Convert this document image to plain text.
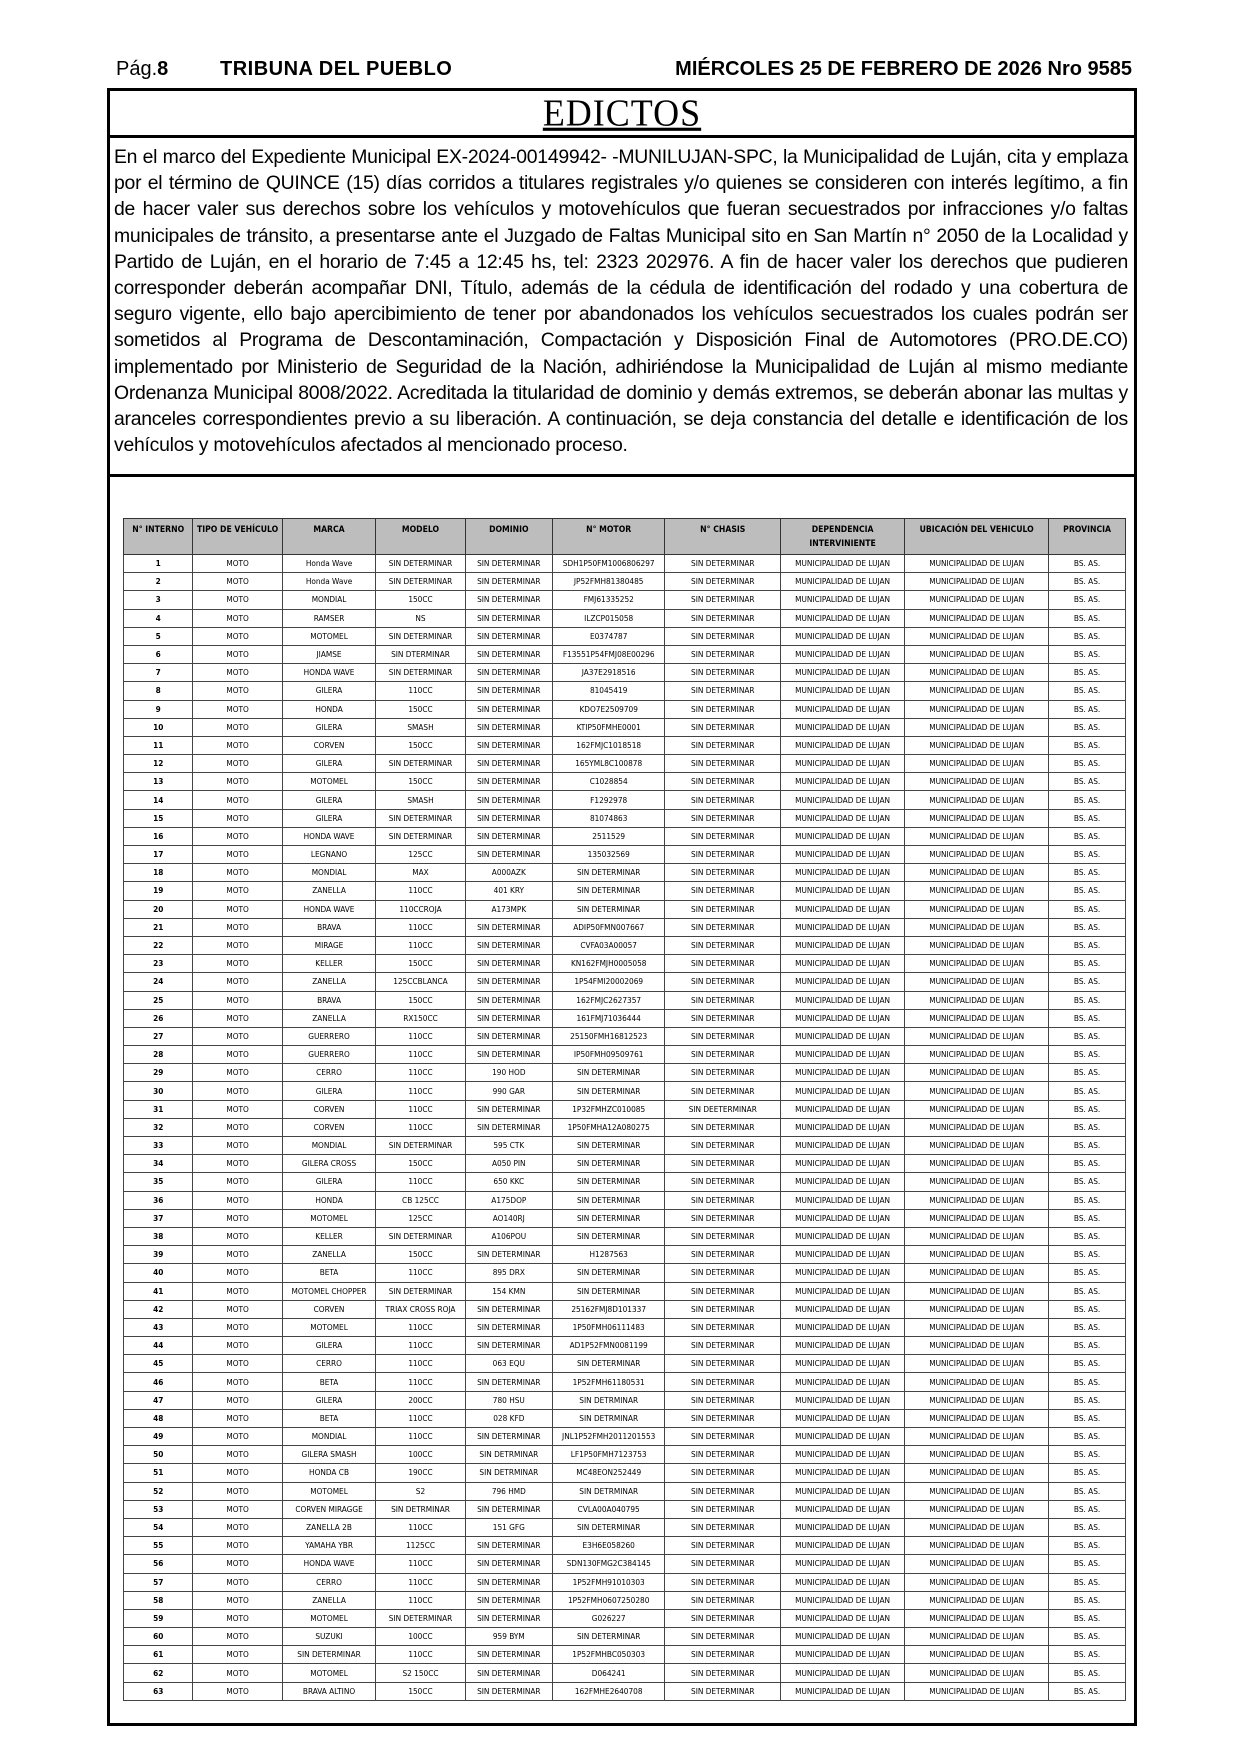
Pág.8	TRIBUNA DEL PUEBLO	MIÉRCOLES 25 DE FEBRERO DE 2026 Nro 9585
EDICTOS
En el marco del Expediente Municipal EX-2024-00149942- -MUNILUJAN-SPC, la Municipalidad de Luján, cita y emplaza por el término de QUINCE (15) días corridos a titulares registrales y/o quienes se consideren con interés legítimo, a fin de hacer valer sus derechos sobre los vehículos y motovehículos que fueran secuestrados por infracciones y/o faltas municipales de tránsito, a presentarse ante el Juzgado de Faltas Municipal sito en San Martín n° 2050 de la Localidad y Partido de Luján, en el horario de 7:45 a 12:45 hs, tel: 2323 202976. A fin de hacer valer los derechos que pudieren corresponder deberán acompañar DNI, Título, además de la cédula de identificación del rodado y una cobertura de seguro vigente, ello bajo apercibimiento de tener por abandonados los vehículos secuestrados los cuales podrán ser sometidos al Programa de Descontaminación, Compactación y Disposición Final de Automotores (PRO.DE.CO) implementado por Ministerio de Seguridad de la Nación, adhiriéndose la Municipalidad de Luján al mismo mediante Ordenanza Municipal 8008/2022. Acreditada la titularidad de dominio y demás extremos, se deberán abonar las multas y aranceles correspondientes previo a su liberación. A continuación, se deja constancia del detalle e identificación de los vehículos y motovehículos afectados al mencionado proceso.
N° INTERNO	TIPO DE VEHÍCULO	MARCA	MODELO	DOMINIO	N° MOTOR	N° CHASIS	DEPENDENCIA INTERVINIENTE	UBICACIÓN DEL VEHICULO	PROVINCIA
1	MOTO	Honda Wave	SIN DETERMINAR	SIN DETERMINAR	SDH1P50FM1006806297	SIN DETERMINAR	MUNICIPALIDAD DE LUJAN	MUNICIPALIDAD DE LUJAN	BS. AS.
2	MOTO	Honda Wave	SIN DETERMINAR	SIN DETERMINAR	JP52FMH81380485	SIN DETERMINAR	MUNICIPALIDAD DE LUJAN	MUNICIPALIDAD DE LUJAN	BS. AS.
3	MOTO	MONDIAL	150CC	SIN DETERMINAR	FMJ61335252	SIN DETERMINAR	MUNICIPALIDAD DE LUJAN	MUNICIPALIDAD DE LUJAN	BS. AS.
4	MOTO	RAMSER	NS	SIN DETERMINAR	ILZCP015058	SIN DETERMINAR	MUNICIPALIDAD DE LUJAN	MUNICIPALIDAD DE LUJAN	BS. AS.
5	MOTO	MOTOMEL	SIN DETERMINAR	SIN DETERMINAR	E0374787	SIN DETERMINAR	MUNICIPALIDAD DE LUJAN	MUNICIPALIDAD DE LUJAN	BS. AS.
6	MOTO	JIAMSE	SIN DTERMINAR	SIN DETERMINAR	F13551P54FMJ08E00296	SIN DETERMINAR	MUNICIPALIDAD DE LUJAN	MUNICIPALIDAD DE LUJAN	BS. AS.
7	MOTO	HONDA WAVE	SIN DETERMINAR	SIN DETERMINAR	JA37E2918516	SIN DETERMINAR	MUNICIPALIDAD DE LUJAN	MUNICIPALIDAD DE LUJAN	BS. AS.
8	MOTO	GILERA	110CC	SIN DETERMINAR	81045419	SIN DETERMINAR	MUNICIPALIDAD DE LUJAN	MUNICIPALIDAD DE LUJAN	BS. AS.
9	MOTO	HONDA	150CC	SIN DETERMINAR	KDO7E2509709	SIN DETERMINAR	MUNICIPALIDAD DE LUJAN	MUNICIPALIDAD DE LUJAN	BS. AS.
10	MOTO	GILERA	SMASH	SIN DETERMINAR	KTIP50FMHE0001	SIN DETERMINAR	MUNICIPALIDAD DE LUJAN	MUNICIPALIDAD DE LUJAN	BS. AS.
11	MOTO	CORVEN	150CC	SIN DETERMINAR	162FMJC1018518	SIN DETERMINAR	MUNICIPALIDAD DE LUJAN	MUNICIPALIDAD DE LUJAN	BS. AS.
12	MOTO	GILERA	SIN DETERMINAR	SIN DETERMINAR	165YML8C100878	SIN DETERMINAR	MUNICIPALIDAD DE LUJAN	MUNICIPALIDAD DE LUJAN	BS. AS.
13	MOTO	MOTOMEL	150CC	SIN DETERMINAR	C1028854	SIN DETERMINAR	MUNICIPALIDAD DE LUJAN	MUNICIPALIDAD DE LUJAN	BS. AS.
14	MOTO	GILERA	SMASH	SIN DETERMINAR	F1292978	SIN DETERMINAR	MUNICIPALIDAD DE LUJAN	MUNICIPALIDAD DE LUJAN	BS. AS.
15	MOTO	GILERA	SIN DETERMINAR	SIN DETERMINAR	81074863	SIN DETERMINAR	MUNICIPALIDAD DE LUJAN	MUNICIPALIDAD DE LUJAN	BS. AS.
16	MOTO	HONDA WAVE	SIN DETERMINAR	SIN DETERMINAR	2511529	SIN DETERMINAR	MUNICIPALIDAD DE LUJAN	MUNICIPALIDAD DE LUJAN	BS. AS.
17	MOTO	LEGNANO	125CC	SIN DETERMINAR	135032569	SIN DETERMINAR	MUNICIPALIDAD DE LUJAN	MUNICIPALIDAD DE LUJAN	BS. AS.
18	MOTO	MONDIAL	MAX	A000AZK	SIN DETERMINAR	SIN DETERMINAR	MUNICIPALIDAD DE LUJAN	MUNICIPALIDAD DE LUJAN	BS. AS.
19	MOTO	ZANELLA	110CC	401 KRY	SIN DETERMINAR	SIN DETERMINAR	MUNICIPALIDAD DE LUJAN	MUNICIPALIDAD DE LUJAN	BS. AS.
20	MOTO	HONDA WAVE	110CCROJA	A173MPK	SIN DETERMINAR	SIN DETERMINAR	MUNICIPALIDAD DE LUJAN	MUNICIPALIDAD DE LUJAN	BS. AS.
21	MOTO	BRAVA	110CC	SIN DETERMINAR	ADIP50FMN007667	SIN DETERMINAR	MUNICIPALIDAD DE LUJAN	MUNICIPALIDAD DE LUJAN	BS. AS.
22	MOTO	MIRAGE	110CC	SIN DETERMINAR	CVFA03A00057	SIN DETERMINAR	MUNICIPALIDAD DE LUJAN	MUNICIPALIDAD DE LUJAN	BS. AS.
23	MOTO	KELLER	150CC	SIN DETERMINAR	KN162FMJH0005058	SIN DETERMINAR	MUNICIPALIDAD DE LUJAN	MUNICIPALIDAD DE LUJAN	BS. AS.
24	MOTO	ZANELLA	125CCBLANCA	SIN DETERMINAR	1P54FMI20002069	SIN DETERMINAR	MUNICIPALIDAD DE LUJAN	MUNICIPALIDAD DE LUJAN	BS. AS.
25	MOTO	BRAVA	150CC	SIN DETERMINAR	162FMJC2627357	SIN DETERMINAR	MUNICIPALIDAD DE LUJAN	MUNICIPALIDAD DE LUJAN	BS. AS.
26	MOTO	ZANELLA	RX150CC	SIN DETERMINAR	161FMJ71036444	SIN DETERMINAR	MUNICIPALIDAD DE LUJAN	MUNICIPALIDAD DE LUJAN	BS. AS.
27	MOTO	GUERRERO	110CC	SIN DETERMINAR	25150FMH16812523	SIN DETERMINAR	MUNICIPALIDAD DE LUJAN	MUNICIPALIDAD DE LUJAN	BS. AS.
28	MOTO	GUERRERO	110CC	SIN DETERMINAR	IP50FMH09509761	SIN DETERMINAR	MUNICIPALIDAD DE LUJAN	MUNICIPALIDAD DE LUJAN	BS. AS.
29	MOTO	CERRO	110CC	190 HOD	SIN DETERMINAR	SIN DETERMINAR	MUNICIPALIDAD DE LUJAN	MUNICIPALIDAD DE LUJAN	BS. AS.
30	MOTO	GILERA	110CC	990 GAR	SIN DETERMINAR	SIN DETERMINAR	MUNICIPALIDAD DE LUJAN	MUNICIPALIDAD DE LUJAN	BS. AS.
31	MOTO	CORVEN	110CC	SIN DETERMINAR	1P32FMHZC010085	SIN DEETERMINAR	MUNICIPALIDAD DE LUJAN	MUNICIPALIDAD DE LUJAN	BS. AS.
32	MOTO	CORVEN	110CC	SIN DETERMINAR	1P50FMHA12A080275	SIN DETERMINAR	MUNICIPALIDAD DE LUJAN	MUNICIPALIDAD DE LUJAN	BS. AS.
33	MOTO	MONDIAL	SIN DETERMINAR	595 CTK	SIN DETERMINAR	SIN DETERMINAR	MUNICIPALIDAD DE LUJAN	MUNICIPALIDAD DE LUJAN	BS. AS.
34	MOTO	GILERA CROSS	150CC	A050 PIN	SIN DETERMINAR	SIN DETERMINAR	MUNICIPALIDAD DE LUJAN	MUNICIPALIDAD DE LUJAN	BS. AS.
35	MOTO	GILERA	110CC	650 KKC	SIN DETERMINAR	SIN DETERMINAR	MUNICIPALIDAD DE LUJAN	MUNICIPALIDAD DE LUJAN	BS. AS.
36	MOTO	HONDA	CB 125CC	A175DOP	SIN DETERMINAR	SIN DETERMINAR	MUNICIPALIDAD DE LUJAN	MUNICIPALIDAD DE LUJAN	BS. AS.
37	MOTO	MOTOMEL	125CC	AO140RJ	SIN DETERMINAR	SIN DETERMINAR	MUNICIPALIDAD DE LUJAN	MUNICIPALIDAD DE LUJAN	BS. AS.
38	MOTO	KELLER	SIN DETERMINAR	A106POU	SIN DETERMINAR	SIN DETERMINAR	MUNICIPALIDAD DE LUJAN	MUNICIPALIDAD DE LUJAN	BS. AS.
39	MOTO	ZANELLA	150CC	SIN DETERMINAR	H1287563	SIN DETERMINAR	MUNICIPALIDAD DE LUJAN	MUNICIPALIDAD DE LUJAN	BS. AS.
40	MOTO	BETA	110CC	895 DRX	SIN DETERMINAR	SIN DETERMINAR	MUNICIPALIDAD DE LUJAN	MUNICIPALIDAD DE LUJAN	BS. AS.
41	MOTO	MOTOMEL CHOPPER	SIN DETERMINAR	154 KMN	SIN DETERMINAR	SIN DETERMINAR	MUNICIPALIDAD DE LUJAN	MUNICIPALIDAD DE LUJAN	BS. AS.
42	MOTO	CORVEN	TRIAX CROSS ROJA	SIN DETERMINAR	25162FMJ8D101337	SIN DETERMINAR	MUNICIPALIDAD DE LUJAN	MUNICIPALIDAD DE LUJAN	BS. AS.
43	MOTO	MOTOMEL	110CC	SIN DETERMINAR	1P50FMH06111483	SIN DETERMINAR	MUNICIPALIDAD DE LUJAN	MUNICIPALIDAD DE LUJAN	BS. AS.
44	MOTO	GILERA	110CC	SIN DETERMINAR	AD1P52FMN0081199	SIN DETERMINAR	MUNICIPALIDAD DE LUJAN	MUNICIPALIDAD DE LUJAN	BS. AS.
45	MOTO	CERRO	110CC	063 EQU	SIN DETERMINAR	SIN DETERMINAR	MUNICIPALIDAD DE LUJAN	MUNICIPALIDAD DE LUJAN	BS. AS.
46	MOTO	BETA	110CC	SIN DETERMINAR	1P52FMH61180531	SIN DETERMINAR	MUNICIPALIDAD DE LUJAN	MUNICIPALIDAD DE LUJAN	BS. AS.
47	MOTO	GILERA	200CC	780 HSU	SIN DETRMINAR	SIN DETERMINAR	MUNICIPALIDAD DE LUJAN	MUNICIPALIDAD DE LUJAN	BS. AS.
48	MOTO	BETA	110CC	028 KFD	SIN DETRMINAR	SIN DETERMINAR	MUNICIPALIDAD DE LUJAN	MUNICIPALIDAD DE LUJAN	BS. AS.
49	MOTO	MONDIAL	110CC	SIN DETERMINAR	JNL1P52FMH2011201553	SIN DETERMINAR	MUNICIPALIDAD DE LUJAN	MUNICIPALIDAD DE LUJAN	BS. AS.
50	MOTO	GILERA SMASH	100CC	SIN DETRMINAR	LF1P50FMH7123753	SIN DETERMINAR	MUNICIPALIDAD DE LUJAN	MUNICIPALIDAD DE LUJAN	BS. AS.
51	MOTO	HONDA CB	190CC	SIN DETRMINAR	MC48EON252449	SIN DETERMINAR	MUNICIPALIDAD DE LUJAN	MUNICIPALIDAD DE LUJAN	BS. AS.
52	MOTO	MOTOMEL	S2	796 HMD	SIN DETRMINAR	SIN DETERMINAR	MUNICIPALIDAD DE LUJAN	MUNICIPALIDAD DE LUJAN	BS. AS.
53	MOTO	CORVEN MIRAGGE	SIN DETRMINAR	SIN DETERMINAR	CVLA00A040795	SIN DETERMINAR	MUNICIPALIDAD DE LUJAN	MUNICIPALIDAD DE LUJAN	BS. AS.
54	MOTO	ZANELLA 2B	110CC	151 GFG	SIN DETERMINAR	SIN DETERMINAR	MUNICIPALIDAD DE LUJAN	MUNICIPALIDAD DE LUJAN	BS. AS.
55	MOTO	YAMAHA YBR	1125CC	SIN DETERMINAR	E3H6E058260	SIN DETERMINAR	MUNICIPALIDAD DE LUJAN	MUNICIPALIDAD DE LUJAN	BS. AS.
56	MOTO	HONDA WAVE	110CC	SIN DETERMINAR	SDN130FMG2C384145	SIN DETERMINAR	MUNICIPALIDAD DE LUJAN	MUNICIPALIDAD DE LUJAN	BS. AS.
57	MOTO	CERRO	110CC	SIN DETERMINAR	1P52FMH91010303	SIN DETERMINAR	MUNICIPALIDAD DE LUJAN	MUNICIPALIDAD DE LUJAN	BS. AS.
58	MOTO	ZANELLA	110CC	SIN DETERMINAR	1P52FMH0607250280	SIN DETERMINAR	MUNICIPALIDAD DE LUJAN	MUNICIPALIDAD DE LUJAN	BS. AS.
59	MOTO	MOTOMEL	SIN DETERMINAR	SIN DETERMINAR	G026227	SIN DETERMINAR	MUNICIPALIDAD DE LUJAN	MUNICIPALIDAD DE LUJAN	BS. AS.
60	MOTO	SUZUKI	100CC	959 BYM	SIN DETERMINAR	SIN DETERMINAR	MUNICIPALIDAD DE LUJAN	MUNICIPALIDAD DE LUJAN	BS. AS.
61	MOTO	SIN DETERMINAR	110CC	SIN DETERMINAR	1P52FMHBC050303	SIN DETERMINAR	MUNICIPALIDAD DE LUJAN	MUNICIPALIDAD DE LUJAN	BS. AS.
62	MOTO	MOTOMEL	S2 150CC	SIN DETERMINAR	D064241	SIN DETERMINAR	MUNICIPALIDAD DE LUJAN	MUNICIPALIDAD DE LUJAN	BS. AS.
63	MOTO	BRAVA ALTINO	150CC	SIN DETERMINAR	162FMHE2640708	SIN DETERMINAR	MUNICIPALIDAD DE LUJAN	MUNICIPALIDAD DE LUJAN	BS. AS.
